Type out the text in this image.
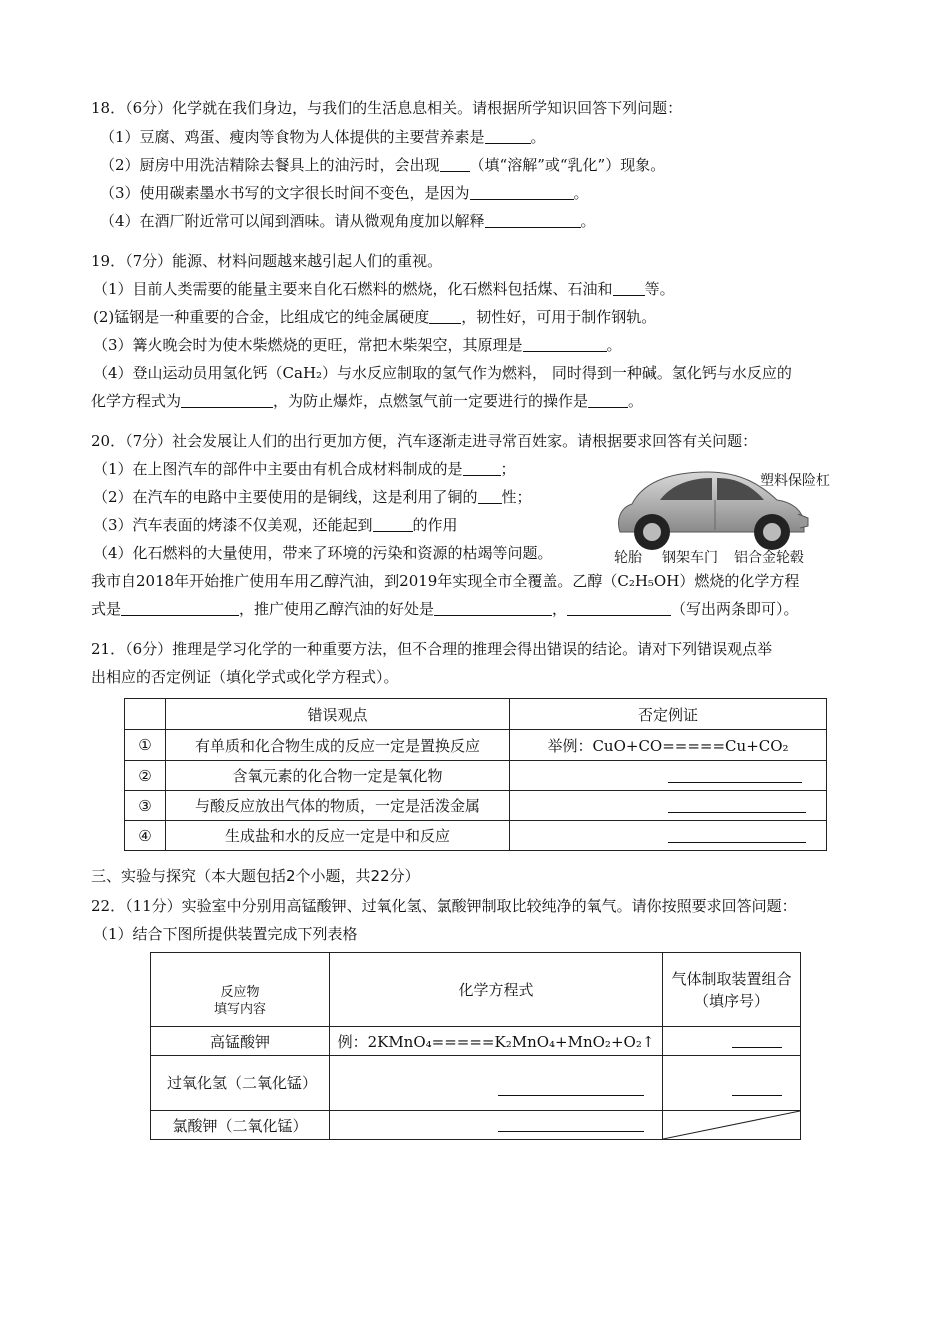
18．（6分）化学就在我们身边，与我们的生活息息相关。请根据所学知识回答下列问题：
（1）豆腐、鸡蛋、瘦肉等食物为人体提供的主要营养素是	。
（2）厨房中用洗洁精除去餐具上的油污时，会出现 （填“溶解”或“乳化”）现象。
（3）使用碳素墨水书写的文字很长时间不变色，是因为	。
（4）在酒厂附近常可以闻到酒味。请从微观角度加以解释	。
19．（7分）能源、材料问题越来越引起人们的重视。
（1）目前人类需要的能量主要来自化石燃料的燃烧，化石燃料包括煤、石油和 等。
(2)锰钢是一种重要的合金，比组成它的纯金属硬度 ，韧性好，可用于制作钢轨。
（3）篝火晚会时为使木柴燃烧的更旺，常把木柴架空，其原理是	。
（4）登山运动员用氢化钙（CaH₂）与水反应制取的氢气作为燃料， 同时得到一种碱。氢化钙与水反应的
化学方程式为	，为防止爆炸，点燃氢气前一定要进行的操作是	。
20．（7分）社会发展让人们的出行更加方便，汽车逐渐走进寻常百姓家。请根据要求回答有关问题：
（1）在上图汽车的部件中主要由有机合成材料制成的是	；
（2）在汽车的电路中主要使用的是铜线，这是利用了铜的 性；
（3）汽车表面的烤漆不仅美观，还能起到	的作用
（4）化石燃料的大量使用，带来了环境的污染和资源的枯竭等问题。
我市自2018年开始推广使用车用乙醇汽油，到2019年实现全市全覆盖。乙醇（C₂H₅OH）燃烧的化学方程
式是	，推广使用乙醇汽油的好处是	，	（写出两条即可）。
塑料保险杠
轮胎 钢架车门 铝合金轮毂
21．（6分）推理是学习化学的一种重要方法，但不合理的推理会得出错误的结论。请对下列错误观点举
出相应的否定例证（填化学式或化学方程式）。
	错误观点	否定例证
①	有单质和化合物生成的反应一定是置换反应	举例：CuO+CO=====Cu+CO₂
②	含氧元素的化合物一定是氧化物	
③	与酸反应放出气体的物质，一定是活泼金属	
④	生成盐和水的反应一定是中和反应	
三、实验与探究（本大题包括2个小题，共22分）
22．（11分）实验室中分别用高锰酸钾、过氧化氢、氯酸钾制取比较纯净的氧气。请你按照要求回答问题：
（1）结合下图所提供装置完成下列表格
反应物
填写内容	化学方程式	气体制取装置组合（填序号）
高锰酸钾	例：2KMnO₄=====K₂MnO₄+MnO₂+O₂↑	
过氧化氢（二氧化锰）		
氯酸钾（二氧化锰）		
